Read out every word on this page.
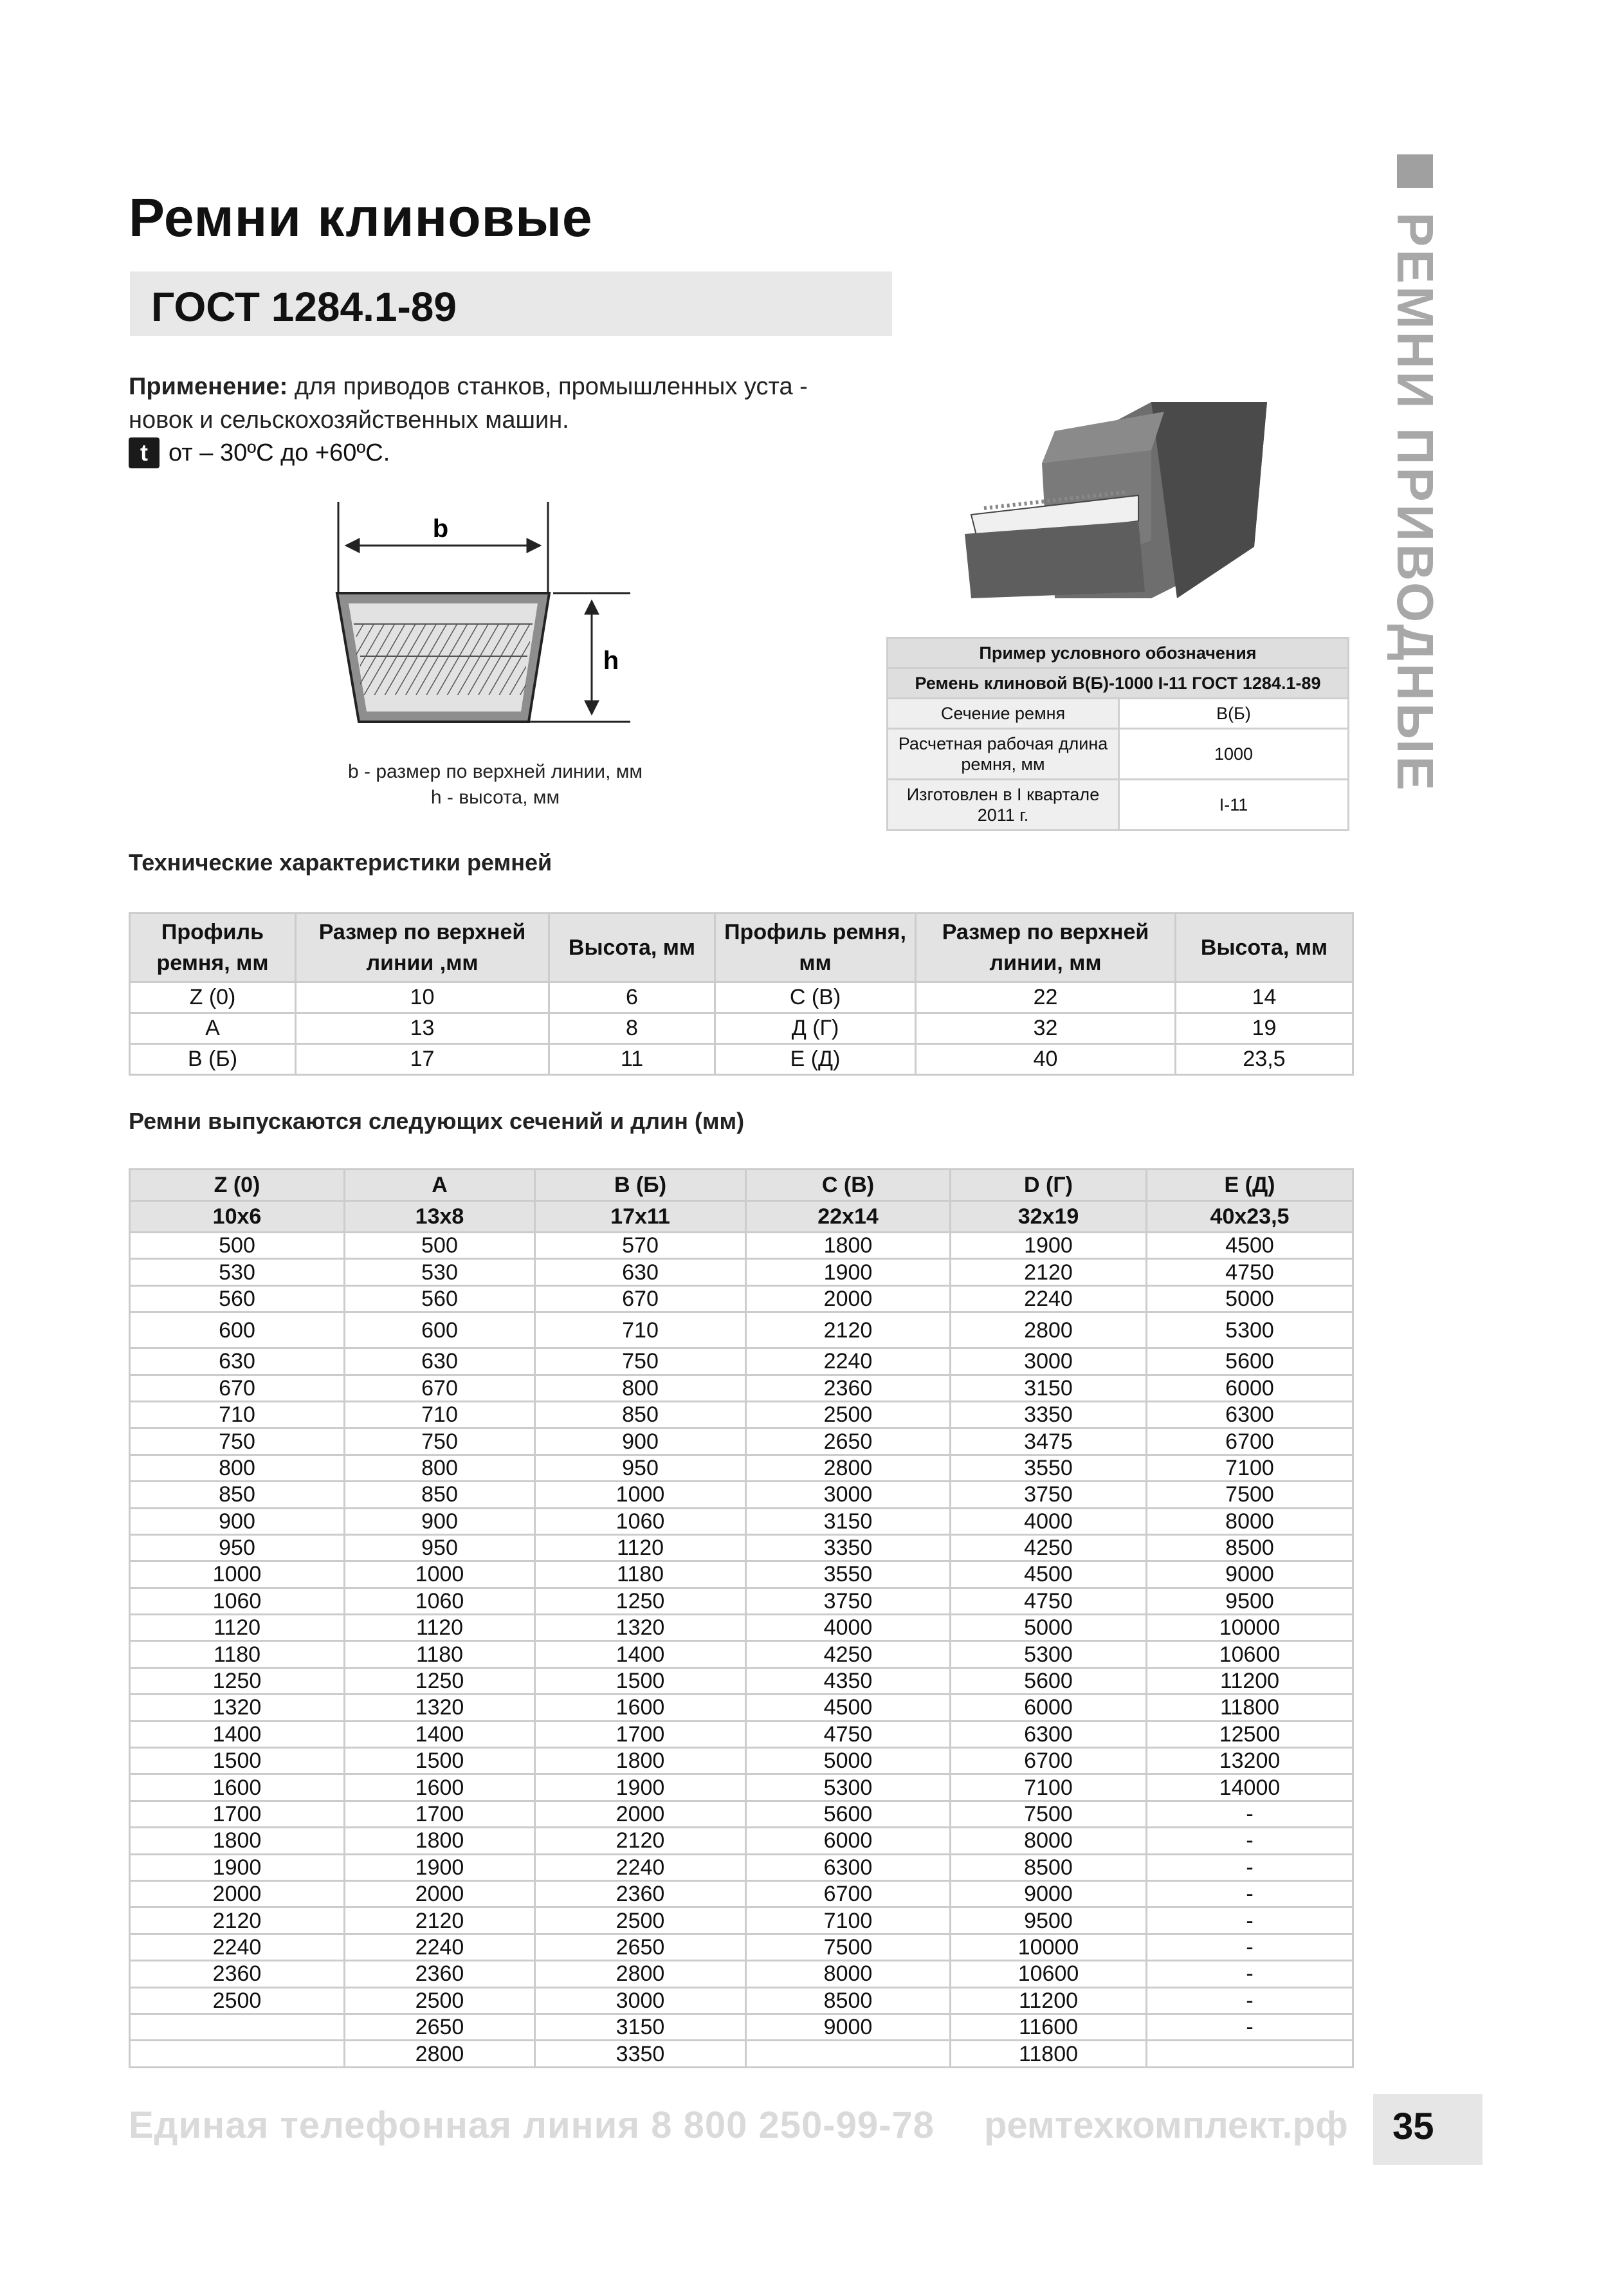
Ремни клиновые
ГОСТ 1284.1-89
Применение: для приводов станков, промышленных уста - новок и сельскохозяйственных машин.
t от – 30ºС до +60ºС.
b
h
b - размер по верхней линии, мм
h - высота, мм
Пример условного обозначения	
Ремень клиновой В(Б)-1000 I-11 ГОСТ 1284.1-89	
Сечение ремня	В(Б)
Расчетная рабочая длина ремня, мм	1000
Изготовлен в I квартале 2011 г.	I-11
РЕМНИ ПРИВОДНЫЕ
Технические характеристики ремней
Профиль ремня, мм	Размер по верхней линии ,мм	Высота, мм	Профиль ремня, мм	Размер по верхней линии, мм	Высота, мм
Z (0)	10	6	С (В)	22	14
А	13	8	Д (Г)	32	19
В (Б)	17	11	Е (Д)	40	23,5
Ремни выпускаются следующих сечений и длин (мм)
Z (0)	A	B (Б)	C (B)	D (Г)	E (Д)
10х6	13x8	17x11	22x14	32x19	40x23,5
500	500	570	1800	1900	4500
530	530	630	1900	2120	4750
560	560	670	2000	2240	5000
600	600	710	2120	2800	5300
630	630	750	2240	3000	5600
670	670	800	2360	3150	6000
710	710	850	2500	3350	6300
750	750	900	2650	3475	6700
800	800	950	2800	3550	7100
850	850	1000	3000	3750	7500
900	900	1060	3150	4000	8000
950	950	1120	3350	4250	8500
1000	1000	1180	3550	4500	9000
1060	1060	1250	3750	4750	9500
1120	1120	1320	4000	5000	10000
1180	1180	1400	4250	5300	10600
1250	1250	1500	4350	5600	11200
1320	1320	1600	4500	6000	11800
1400	1400	1700	4750	6300	12500
1500	1500	1800	5000	6700	13200
1600	1600	1900	5300	7100	14000
1700	1700	2000	5600	7500	-
1800	1800	2120	6000	8000	-
1900	1900	2240	6300	8500	-
2000	2000	2360	6700	9000	-
2120	2120	2500	7100	9500	-
2240	2240	2650	7500	10000	-
2360	2360	2800	8000	10600	-
2500	2500	3000	8500	11200	-
	2650	3150	9000	11600	-
	2800	3350		11800	
Единая телефонная линия 8 800 250-99-78 ремтехкомплект.рф 35
